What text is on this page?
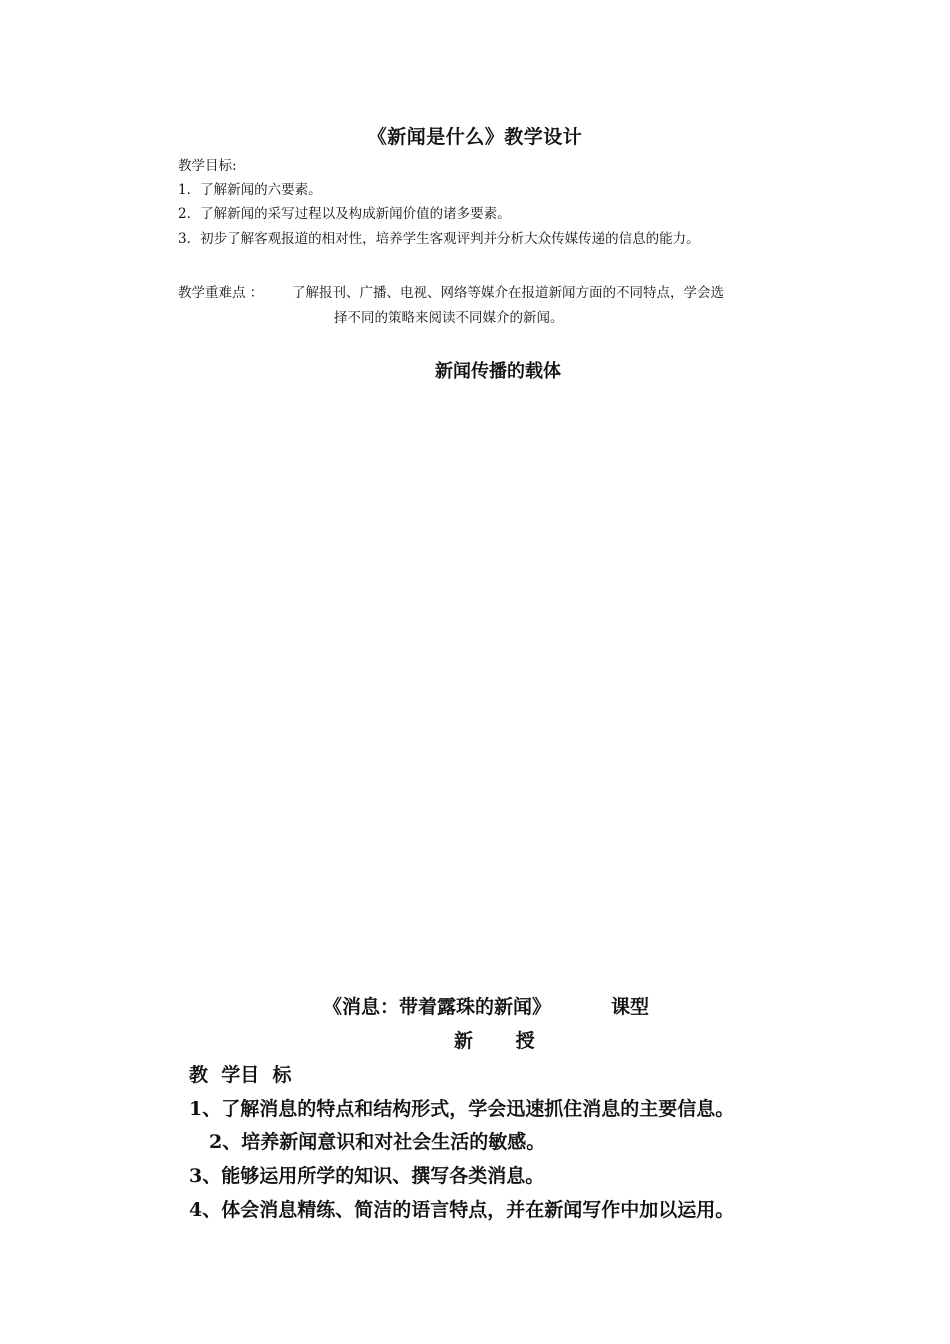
《新闻是什么》教学设计
教学目标:
1．了解新闻的六要素。
2．了解新闻的采写过程以及构成新闻价值的诸多要素。
3．初步了解客观报道的相对性，培养学生客观评判并分析大众传媒传递的信息的能力。
教学重难点 ： 了解报刊、广播、电视、网络等媒介在报道新闻方面的不同特点，学会选
择不同的策略来阅读不同媒介的新闻。
新闻传播的载体
《消息：带着露珠的新闻》	课型
新 授
教  学目  标
1、了解消息的特点和结构形式，学会迅速抓住消息的主要信息。
2、培养新闻意识和对社会生活的敏感。
3、能够运用所学的知识、撰写各类消息。
4、体会消息精练、简洁的语言特点，并在新闻写作中加以运用。
